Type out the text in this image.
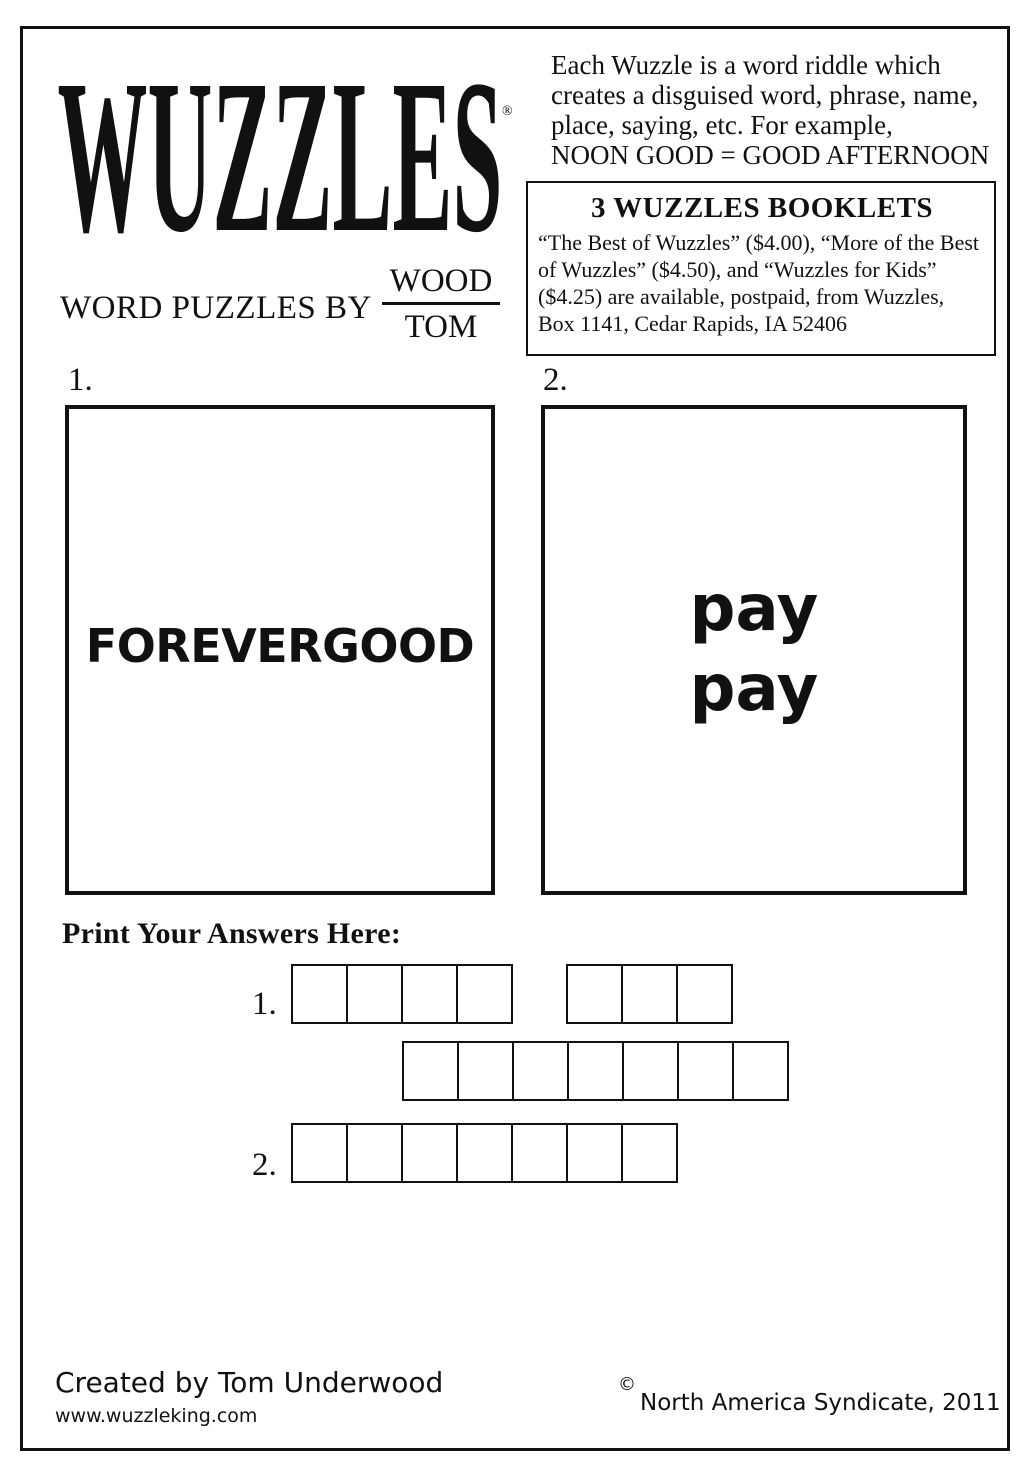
WUZZLES ®
WORD PUZZLES BY
WOOD
TOM
Each Wuzzle is a word riddle which creates a disguised word, phrase, name, place, saying, etc. For example,
NOON GOOD = GOOD AFTERNOON
3 WUZZLES BOOKLETS
“The Best of Wuzzles” ($4.00), “More of the Best of Wuzzles” ($4.50), and “Wuzzles for Kids” ($4.25) are available, postpaid, from Wuzzles, Box 1141, Cedar Rapids, IA 52406
1.
FOREVERGOOD
2.
pay
pay
Print Your Answers Here:
1.
2.
Created by Tom Underwood
www.wuzzleking.com
©
North America Syndicate, 2011
